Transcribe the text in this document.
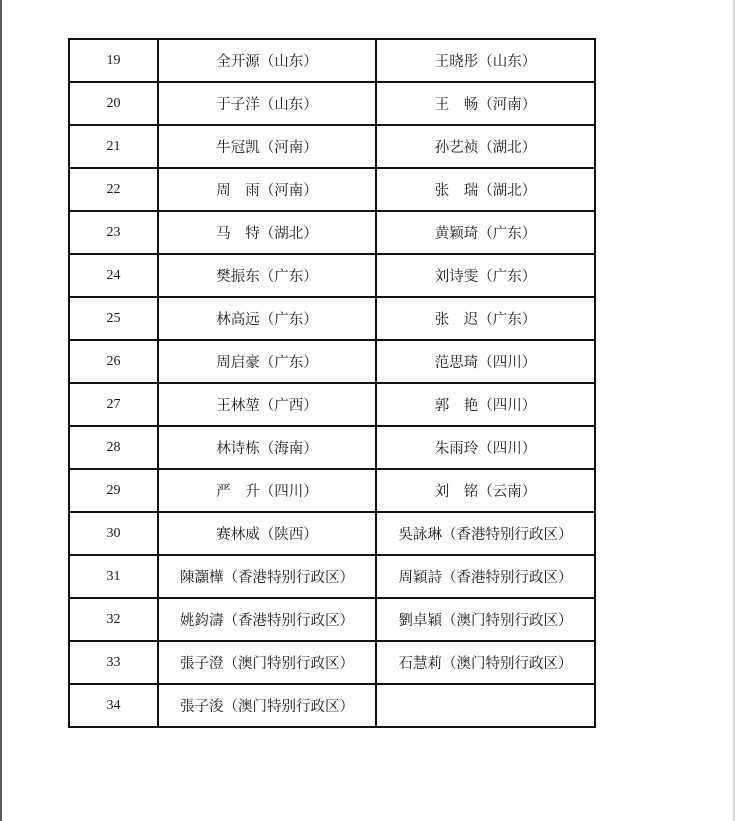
19	全开源（山东）	王晓彤（山东）
20	于子洋（山东）	王　畅（河南）
21	牛冠凯（河南）	孙艺祯（湖北）
22	周　雨（河南）	张　瑞（湖北）
23	马　特（湖北）	黄颖琦（广东）
24	樊振东（广东）	刘诗雯（广东）
25	林高远（广东）	张　迟（广东）
26	周启豪（广东）	范思琦（四川）
27	王林堃（广西）	郭　艳（四川）
28	林诗栋（海南）	朱雨玲（四川）
29	严　升（四川）	刘　铭（云南）
30	赛林威（陕西）	吳詠琳（香港特别行政区）
31	陳灝樺（香港特别行政区）	周穎詩（香港特别行政区）
32	姚鈞濤（香港特别行政区）	劉卓穎（澳门特别行政区）
33	張子澄（澳门特别行政区）	石慧莉（澳门特别行政区）
34	張子浚（澳门特别行政区）	
